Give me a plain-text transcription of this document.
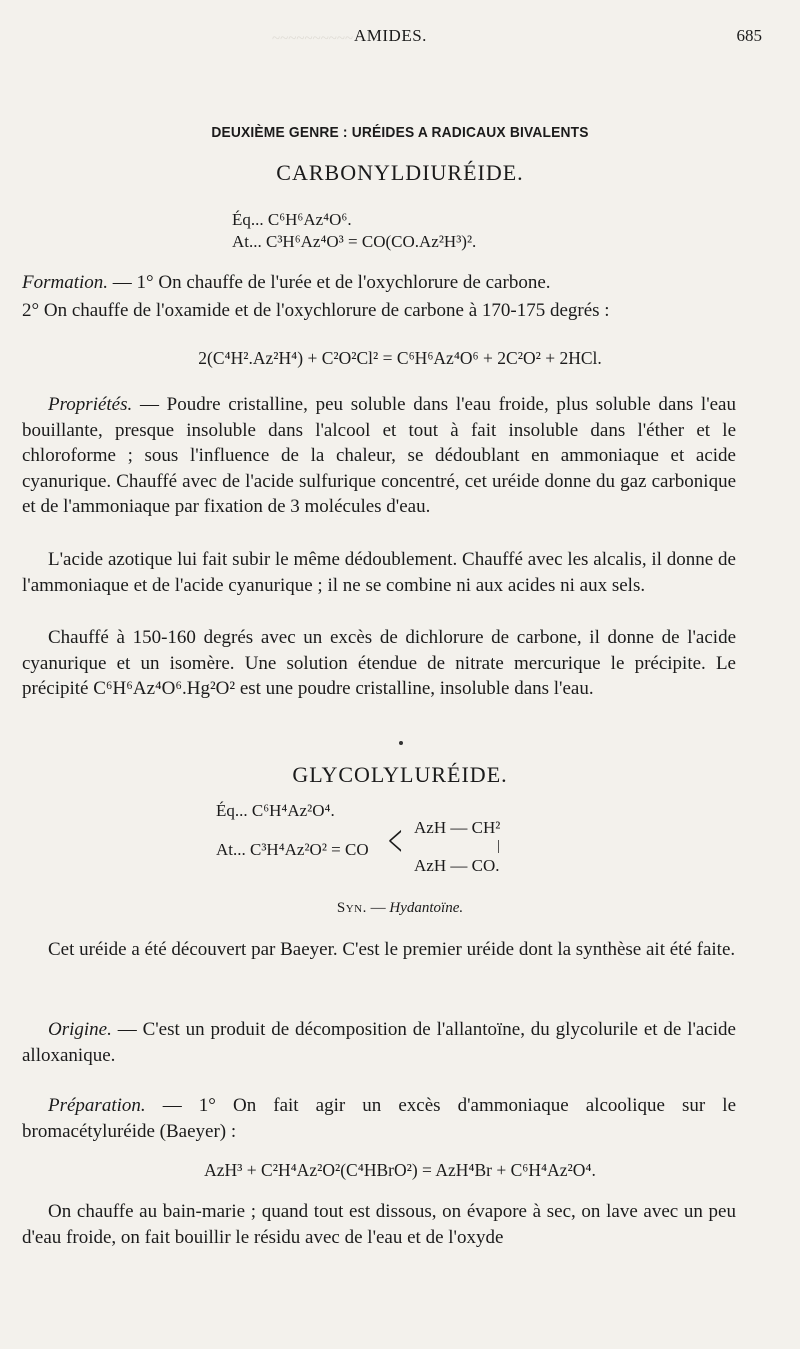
~~~~~~~~~~ AMIDES.	685
DEUXIÈME GENRE : URÉIDES A RADICAUX BIVALENTS
CARBONYLDIURÉIDE.
Éq... C⁶H⁶Az⁴O⁶.
At... C³H⁶Az⁴O³ = CO(CO.Az²H³)².
Formation. — 1° On chauffe de l'urée et de l'oxychlorure de carbone.
2° On chauffe de l'oxamide et de l'oxychlorure de carbone à 170-175 degrés :
2(C⁴H².Az²H⁴) + C²O²Cl² = C⁶H⁶Az⁴O⁶ + 2C²O² + 2HCl.
Propriétés. — Poudre cristalline, peu soluble dans l'eau froide, plus soluble dans l'eau bouillante, presque insoluble dans l'alcool et tout à fait insoluble dans l'éther et le chloroforme ; sous l'influence de la chaleur, se dédoublant en ammoniaque et acide cyanurique. Chauffé avec de l'acide sulfurique concentré, cet uréide donne du gaz carbonique et de l'ammoniaque par fixation de 3 molécules d'eau.
L'acide azotique lui fait subir le même dédoublement. Chauffé avec les alcalis, il donne de l'ammoniaque et de l'acide cyanurique ; il ne se combine ni aux acides ni aux sels.
Chauffé à 150-160 degrés avec un excès de dichlorure de carbone, il donne de l'acide cyanurique et un isomère. Une solution étendue de nitrate mercurique le précipite. Le précipité C⁶H⁶Az⁴O⁶.Hg²O² est une poudre cristalline, insoluble dans l'eau.
GLYCOLYLURÉIDE.
Éq... C⁶H⁴Az²O⁴.
At... C³H⁴Az²O² = CO < AzH — CH²
|
AzH — CO.
Syn. — Hydantoïne.
Cet uréide a été découvert par Baeyer. C'est le premier uréide dont la synthèse ait été faite.
Origine. — C'est un produit de décomposition de l'allantoïne, du glycolurile et de l'acide alloxanique.
Préparation. — 1° On fait agir un excès d'ammoniaque alcoolique sur le bromacétyluréide (Baeyer) :
AzH³ + C²H⁴Az²O²(C⁴HBrO²) = AzH⁴Br + C⁶H⁴Az²O⁴.
On chauffe au bain-marie ; quand tout est dissous, on évapore à sec, on lave avec un peu d'eau froide, on fait bouillir le résidu avec de l'eau et de l'oxyde
